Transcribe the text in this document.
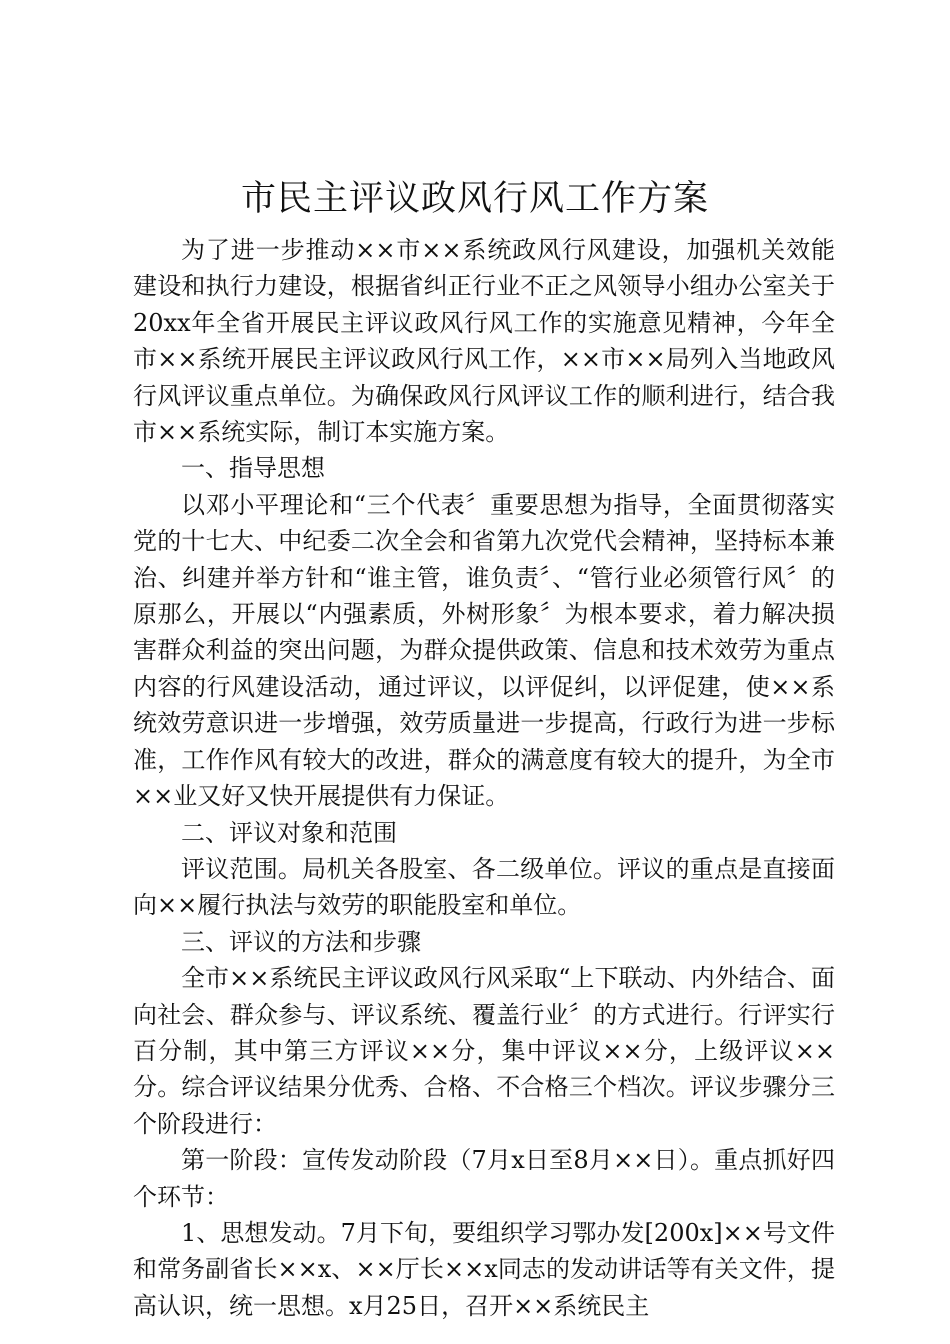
市民主评议政风行风工作方案

为了进一步推动××市××系统政风行风建设，加强机关效能建设和执行力建设，根据省纠正行业不正之风领导小组办公室关于20xx年全省开展民主评议政风行风工作的实施意见精神，今年全市××系统开展民主评议政风行风工作，××市××局列入当地政风行风评议重点单位。为确保政风行风评议工作的顺利进行，结合我市××系统实际，制订本实施方案。

一、指导思想

以邓小平理论和“三个代表〞重要思想为指导，全面贯彻落实党的十七大、中纪委二次全会和省第九次党代会精神，坚持标本兼治、纠建并举方针和“谁主管，谁负责〞、“管行业必须管行风〞的原那么，开展以“内强素质，外树形象〞为根本要求，着力解决损害群众利益的突出问题，为群众提供政策、信息和技术效劳为重点内容的行风建设活动，通过评议，以评促纠，以评促建，使××系统效劳意识进一步增强，效劳质量进一步提高，行政行为进一步标准，工作作风有较大的改进，群众的满意度有较大的提升，为全市××业又好又快开展提供有力保证。

二、评议对象和范围

评议范围。局机关各股室、各二级单位。评议的重点是直接面向××履行执法与效劳的职能股室和单位。

三、评议的方法和步骤

全市××系统民主评议政风行风采取“上下联动、内外结合、面向社会、群众参与、评议系统、覆盖行业〞的方式进行。行评实行百分制，其中第三方评议××分，集中评议××分，上级评议××分。综合评议结果分优秀、合格、不合格三个档次。评议步骤分三个阶段进行：

第一阶段：宣传发动阶段（7月x日至8月××日）。重点抓好四个环节：

1、思想发动。7月下旬，要组织学习鄂办发[200x]××号文件和常务副省长××x、××厅长××x同志的发动讲话等有关文件，提高认识，统一思想。x月25日，召开××系统民主
